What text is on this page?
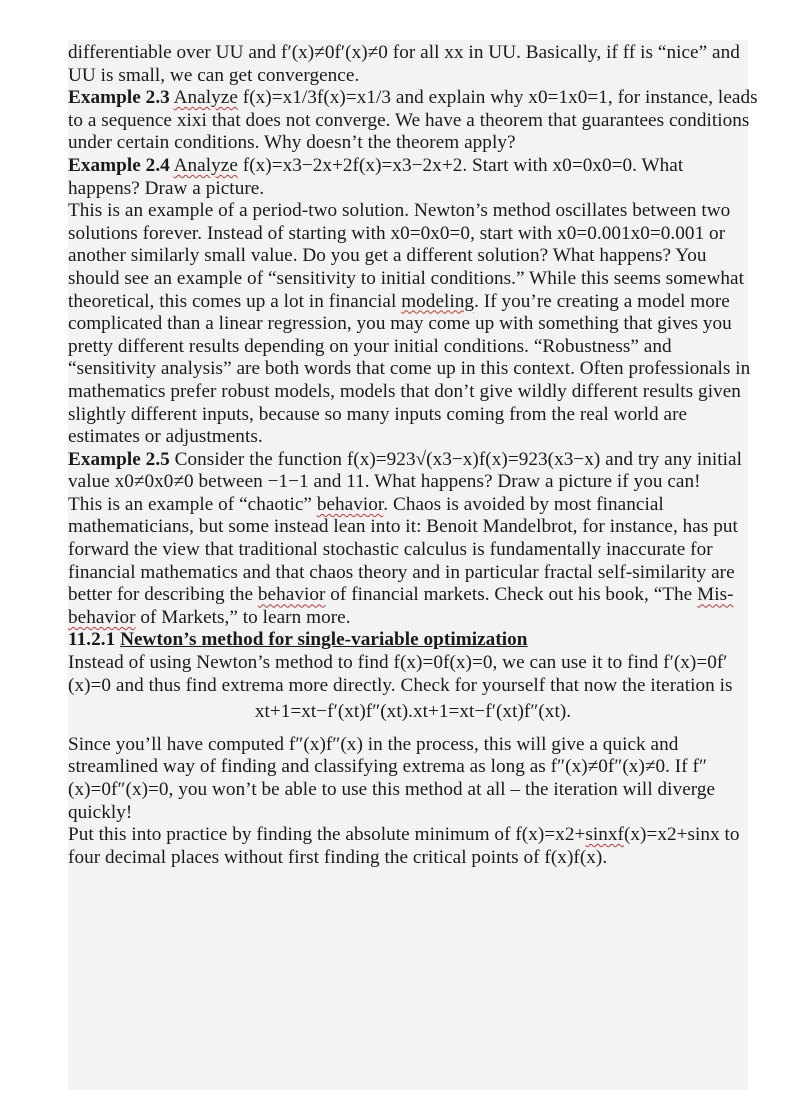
differentiable over UU and f′(x)≠0f′(x)≠0 for all xx in UU. Basically, if ff is “nice” and UU is small, we can get convergence.

Example 2.3 Analyze f(x)=x1/3f(x)=x1/3 and explain why x0=1x0=1, for instance, leads to a sequence xixi that does not converge. We have a theorem that guarantees conditions under certain conditions. Why doesn’t the theorem apply?

Example 2.4 Analyze f(x)=x3−2x+2f(x)=x3−2x+2. Start with x0=0x0=0. What happens? Draw a picture.

This is an example of a period-two solution. Newton’s method oscillates between two solutions forever. Instead of starting with x0=0x0=0, start with x0=0.001x0=0.001 or another similarly small value. Do you get a different solution? What happens? You should see an example of “sensitivity to initial conditions.” While this seems somewhat theoretical, this comes up a lot in financial modeling. If you’re creating a model more complicated than a linear regression, you may come up with something that gives you pretty different results depending on your initial conditions. “Robustness” and “sensitivity analysis” are both words that come up in this context. Often professionals in mathematics prefer robust models, models that don’t give wildly different results given slightly different inputs, because so many inputs coming from the real world are estimates or adjustments.

Example 2.5 Consider the function f(x)=923√(x3−x)f(x)=923(x3−x) and try any initial value x0≠0x0≠0 between −1−1 and 11. What happens? Draw a picture if you can!

This is an example of “chaotic” behavior. Chaos is avoided by most financial mathematicians, but some instead lean into it: Benoit Mandelbrot, for instance, has put forward the view that traditional stochastic calculus is fundamentally inaccurate for financial mathematics and that chaos theory and in particular fractal self-similarity are better for describing the behavior of financial markets. Check out his book, “The Mis-behavior of Markets,” to learn more.

11.2.1 Newton’s method for single-variable optimization

Instead of using Newton’s method to find f(x)=0f(x)=0, we can use it to find f′(x)=0f′(x)=0 and thus find extrema more directly. Check for yourself that now the iteration is

xt+1=xt−f′(xt)f″(xt).xt+1=xt−f′(xt)f″(xt).

Since you’ll have computed f″(x)f″(x) in the process, this will give a quick and streamlined way of finding and classifying extrema as long as f″(x)≠0f″(x)≠0. If f″(x)=0f″(x)=0, you won’t be able to use this method at all – the iteration will diverge quickly!

Put this into practice by finding the absolute minimum of f(x)=x2+sinxf(x)=x2+sinx to four decimal places without first finding the critical points of f(x)f(x).
